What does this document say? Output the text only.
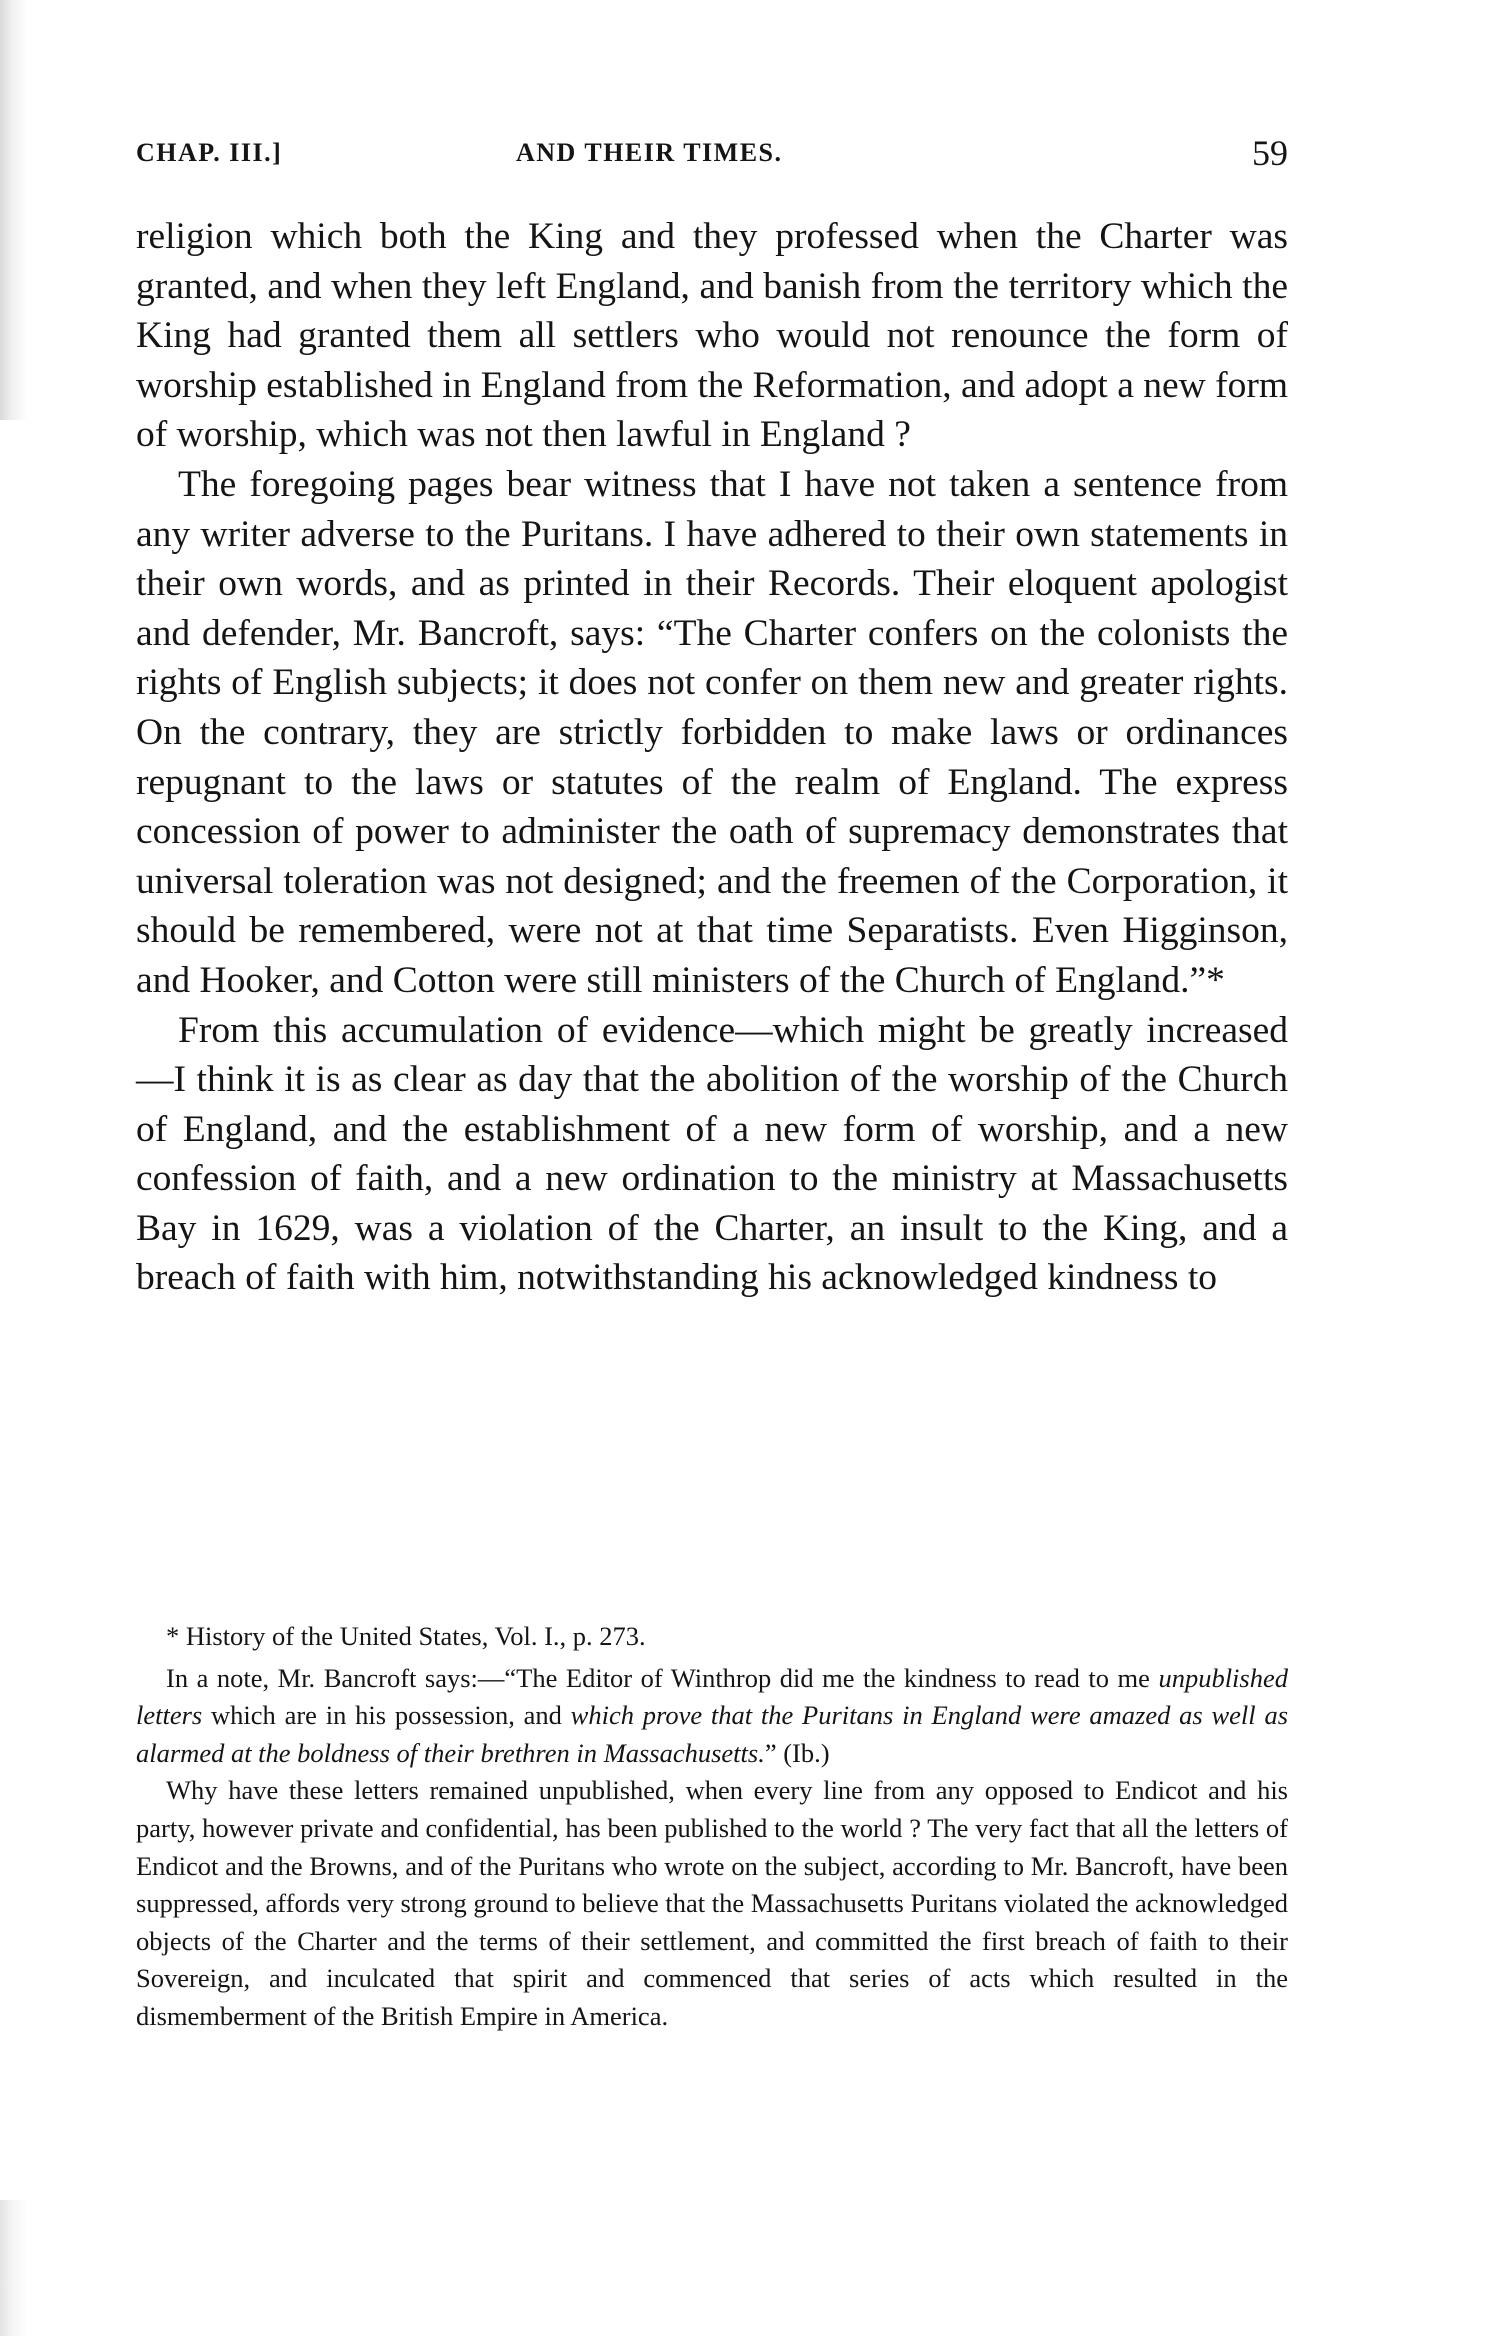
CHAP. III.]	AND THEIR TIMES.	59

religion which both the King and they professed when the Charter was granted, and when they left England, and banish from the territory which the King had granted them all settlers who would not renounce the form of worship established in England from the Reformation, and adopt a new form of worship, which was not then lawful in England ?

The foregoing pages bear witness that I have not taken a sentence from any writer adverse to the Puritans. I have adhered to their own statements in their own words, and as printed in their Records. Their eloquent apologist and defender, Mr. Bancroft, says: “The Charter confers on the colonists the rights of English subjects; it does not confer on them new and greater rights. On the contrary, they are strictly forbidden to make laws or ordinances repugnant to the laws or statutes of the realm of England. The express concession of power to administer the oath of supremacy demonstrates that universal toleration was not designed; and the freemen of the Corporation, it should be remembered, were not at that time Separatists. Even Higginson, and Hooker, and Cotton were still ministers of the Church of England.”*

From this accumulation of evidence—which might be greatly increased—I think it is as clear as day that the abolition of the worship of the Church of England, and the establishment of a new form of worship, and a new confession of faith, and a new ordination to the ministry at Massachusetts Bay in 1629, was a violation of the Charter, an insult to the King, and a breach of faith with him, notwithstanding his acknowledged kindness to

* History of the United States, Vol. I., p. 273.

In a note, Mr. Bancroft says:—“The Editor of Winthrop did me the kindness to read to me unpublished letters which are in his possession, and which prove that the Puritans in England were amazed as well as alarmed at the boldness of their brethren in Massachusetts.” (Ib.)

Why have these letters remained unpublished, when every line from any opposed to Endicot and his party, however private and confidential, has been published to the world ? The very fact that all the letters of Endicot and the Browns, and of the Puritans who wrote on the subject, according to Mr. Bancroft, have been suppressed, affords very strong ground to believe that the Massachusetts Puritans violated the acknowledged objects of the Charter and the terms of their settlement, and committed the first breach of faith to their Sovereign, and inculcated that spirit and commenced that series of acts which resulted in the dismemberment of the British Empire in America.
